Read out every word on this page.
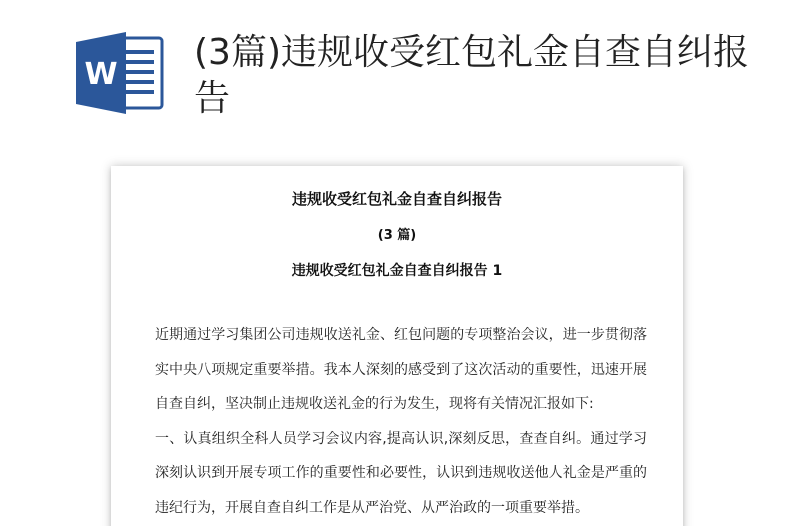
W
(3篇)违规收受红包礼金自查自纠报告
违规收受红包礼金自查自纠报告
(3 篇)
违规收受红包礼金自查自纠报告 1

近期通过学习集团公司违规收送礼金、红包问题的专项整治会议，进一步贯彻落实中央八项规定重要举措。我本人深刻的感受到了这次活动的重要性，迅速开展自查自纠，坚决制止违规收送礼金的行为发生，现将有关情况汇报如下:

一、认真组织全科人员学习会议内容,提高认识,深刻反思，查查自纠。通过学习深刻认识到开展专项工作的重要性和必要性，认识到违规收送他人礼金是严重的违纪行为，开展自查自纠工作是从严治党、从严治政的一项重要举措。
